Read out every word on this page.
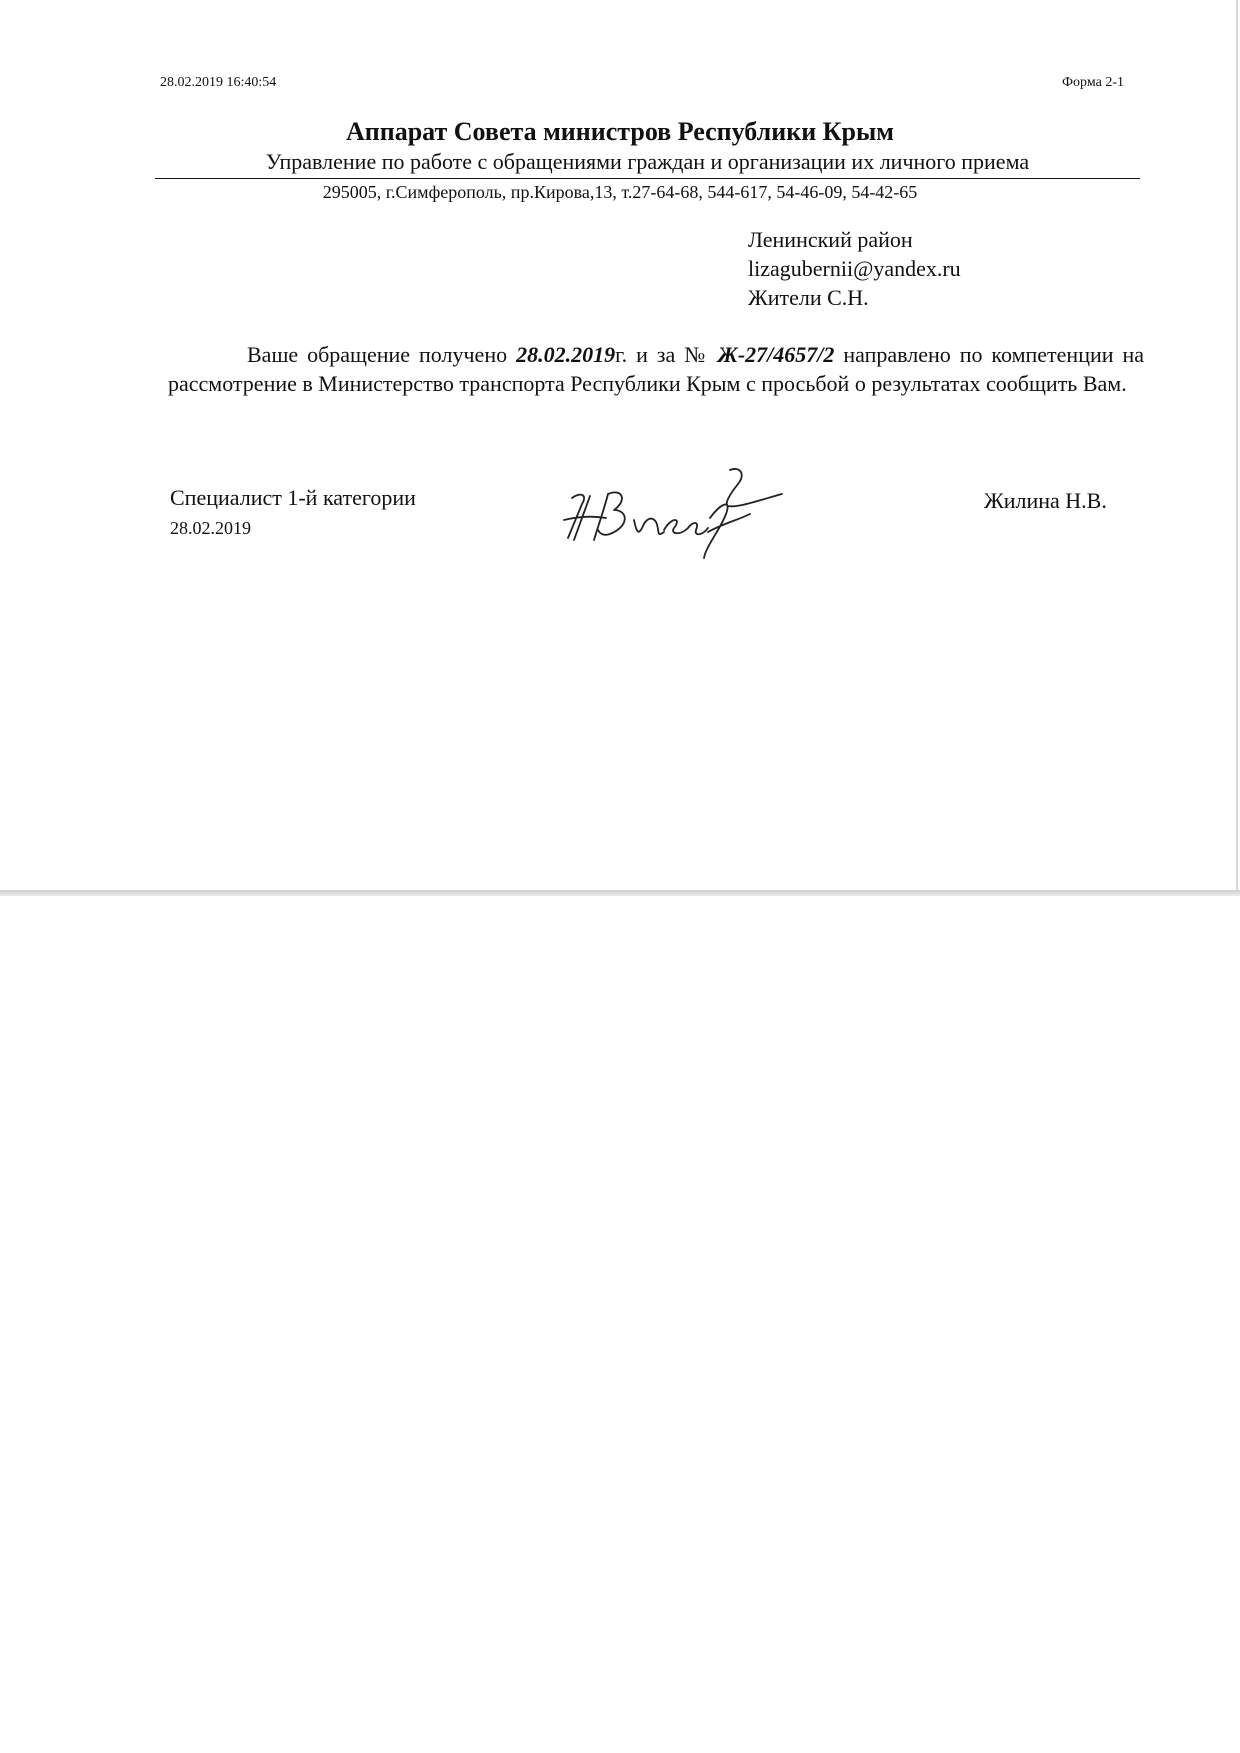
28.02.2019 16:40:54	Форма 2-1
Аппарат Совета министров Республики Крым
Управление по работе с обращениями граждан и организации их личного приема
295005, г.Симферополь, пр.Кирова,13, т.27-64-68, 544-617, 54-46-09, 54-42-65
Ленинский район
lizagubernii@yandex.ru
Жители С.Н.
Ваше обращение получено 28.02.2019г. и за № Ж-27/4657/2 направлено по компетенции на рассмотрение в Министерство транспорта Республики Крым с просьбой о результатах сообщить Вам.
Специалист 1-й категории
28.02.2019
Жилина Н.В.
